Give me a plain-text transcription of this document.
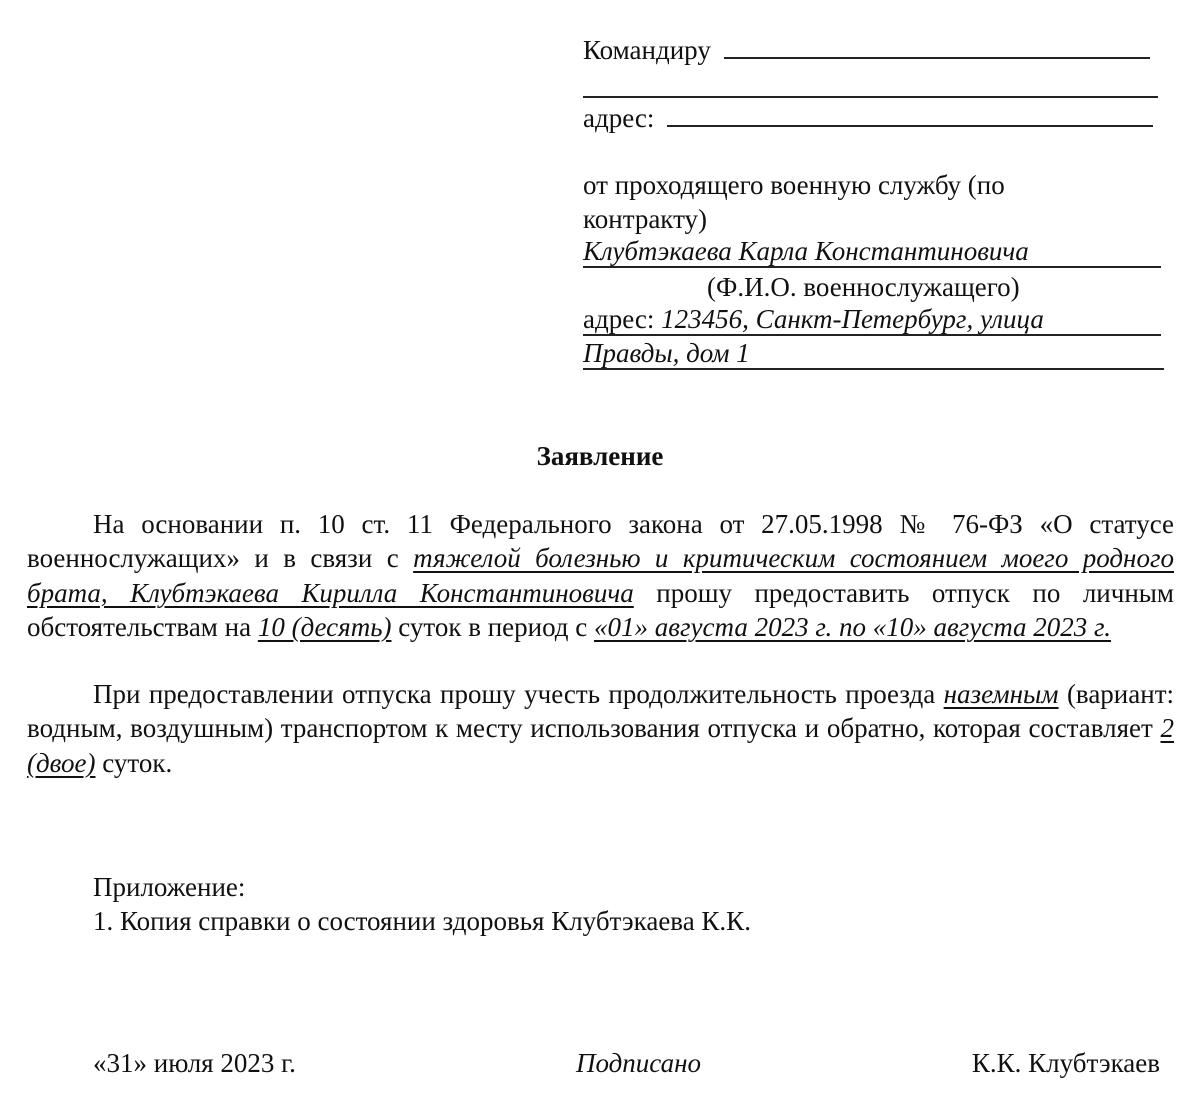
Командиру
адрес:
от проходящего военную службу (по
контракту)
Клубтэкаева Карла Константиновича
(Ф.И.О. военнослужащего)
адрес: 123456, Санкт-Петербург, улица
Правды, дом 1
Заявление
На основании п. 10 ст. 11 Федерального закона от 27.05.1998 № 76-ФЗ «О статусе военнослужащих» и в связи с тяжелой болезнью и критическим состоянием моего родного брата, Клубтэкаева Кирилла Константиновича прошу предоставить отпуск по личным обстоятельствам на 10 (десять) суток в период с «01» августа 2023 г. по «10» августа 2023 г.
При предоставлении отпуска прошу учесть продолжительность проезда наземным (вариант: водным, воздушным) транспортом к месту использования отпуска и обратно, которая составляет 2 (двое) суток.
Приложение:
1. Копия справки о состоянии здоровья Клубтэкаева К.К.
«31» июля 2023 г.	Подписано	К.К. Клубтэкаев
